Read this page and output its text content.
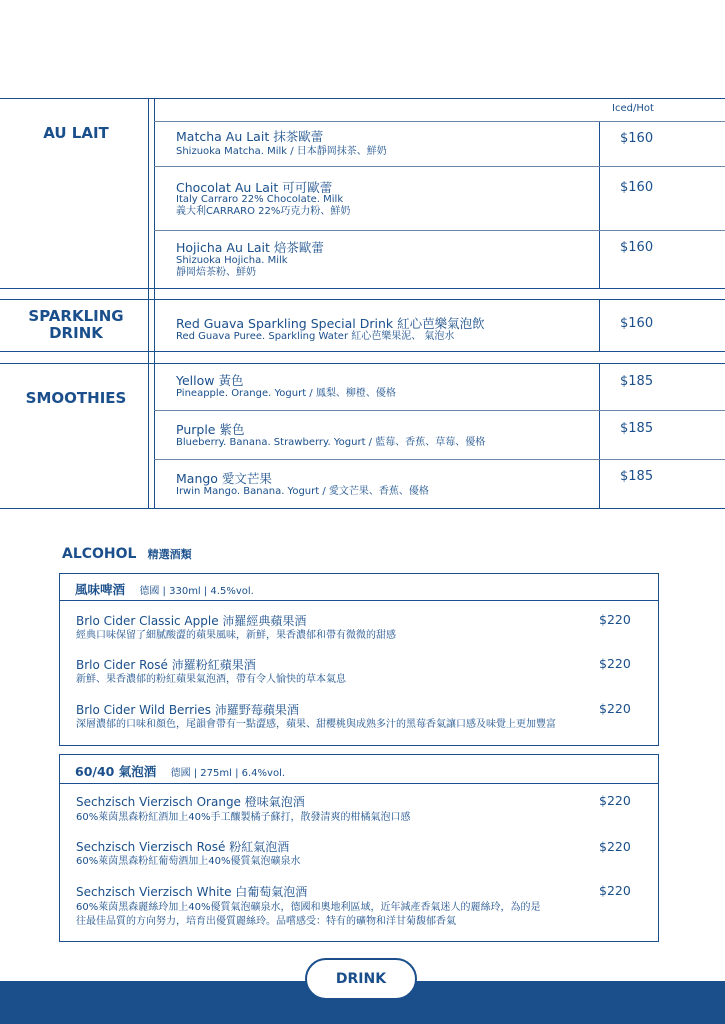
Iced/Hot
AU LAIT	Matcha Au Lait 抹茶歐蕾
Shizuoka Matcha. Milk / 日本靜岡抹茶、鮮奶
$160
Chocolat Au Lait 可可歐蕾
Italy Carraro 22% Chocolate. Milk
義大利CARRARO 22%巧克力粉、鮮奶
$160
Hojicha Au Lait 焙茶歐蕾
Shizuoka Hojicha. Milk
靜岡焙茶粉、鮮奶
$160
SPARKLING
DRINK
Red Guava Sparkling Special Drink 紅心芭樂氣泡飲
Red Guava Puree. Sparkling Water 紅心芭樂果泥、 氣泡水
$160
SMOOTHIES
Yellow 黃色
Pineapple. Orange. Yogurt / 鳳梨、柳橙、優格
$185
Purple 紫色
Blueberry. Banana. Strawberry. Yogurt / 藍莓、香蕉、草莓、優格
$185
Mango 愛文芒果
Irwin Mango. Banana. Yogurt / 愛文芒果、香蕉、優格
$185
ALCOHOL 精選酒類
風味啤酒 德國 | 330ml | 4.5%vol.
Brlo Cider Classic Apple 沛羅經典蘋果酒
經典口味保留了細膩酸澀的蘋果風味，新鮮，果香濃郁和帶有微微的甜感
$220
Brlo Cider Rosé 沛羅粉紅蘋果酒
新鮮、果香濃郁的粉紅蘋果氣泡酒，帶有令人愉快的草本氣息
$220
Brlo Cider Wild Berries 沛羅野莓蘋果酒
深層濃郁的口味和顏色，尾韻會帶有一點澀感，蘋果、甜櫻桃與成熟多汁的黑莓香氣讓口感及味覺上更加豐富
$220
60/40 氣泡酒 德國 | 275ml | 6.4%vol.
Sechzisch Vierzisch Orange 橙味氣泡酒
60%萊茵黑森粉紅酒加上40%手工釀製橘子蘇打，散發清爽的柑橘氣泡口感
$220
Sechzisch Vierzisch Rosé 粉紅氣泡酒
60%萊茵黑森粉紅葡萄酒加上40%優質氣泡礦泉水
$220
Sechzisch Vierzisch White 白葡萄氣泡酒
60%萊茵黑森麗絲玲加上40%優質氣泡礦泉水，德國和奧地利區域，近年減產香氣迷人的麗絲玲，為的是
往最佳品質的方向努力，培育出優質麗絲玲。品嚐感受：特有的礦物和洋甘菊馥郁香氣
$220
DRINK
